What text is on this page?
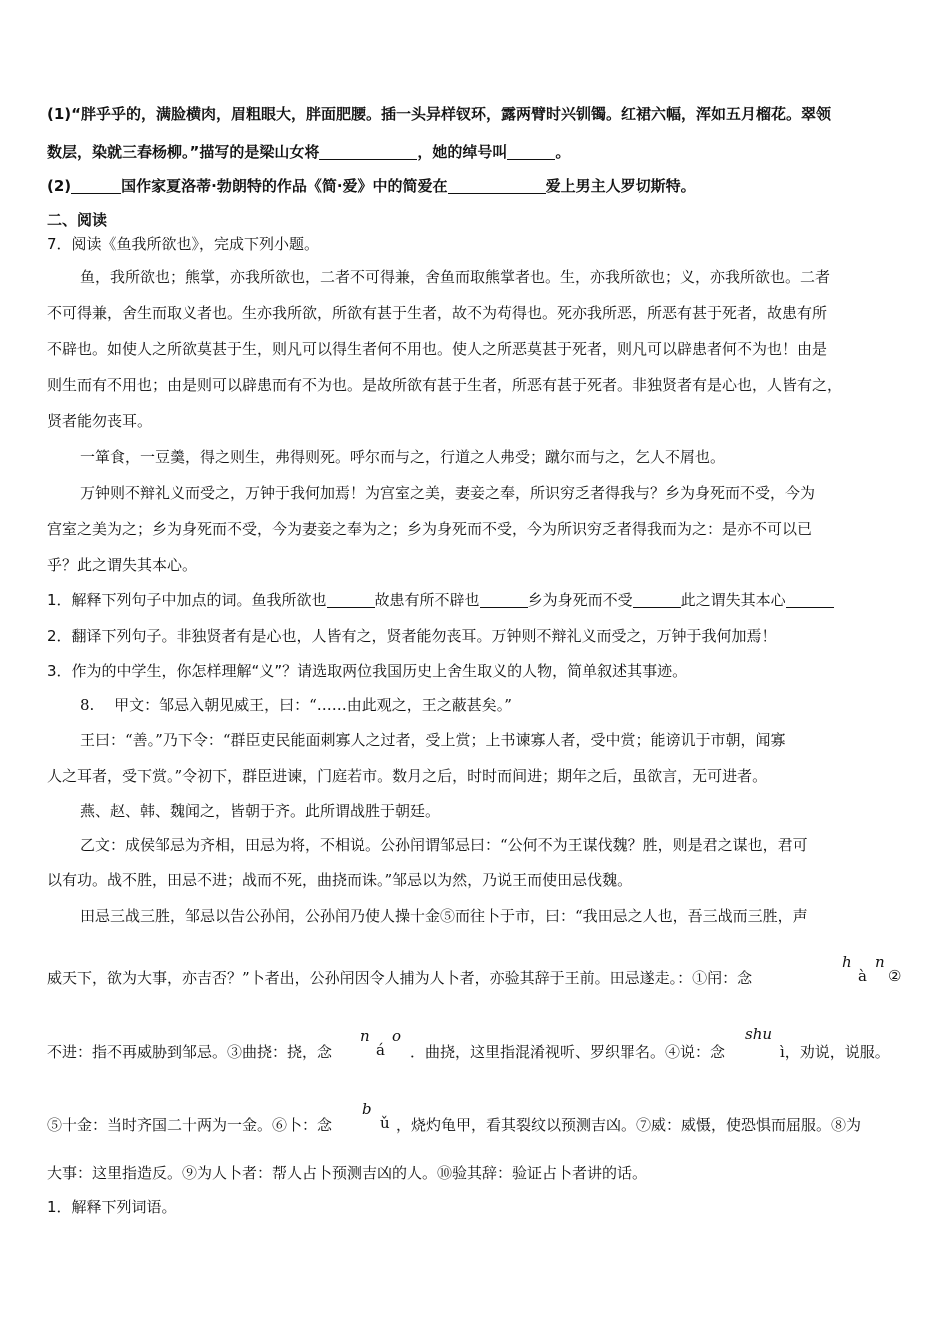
(1)“胖乎乎的，满脸横肉，眉粗眼大，胖面肥腰。插一头异样钗环，露两臂时兴钏镯。红裙六幅，浑如五月榴花。翠领
数层，染就三春杨柳。”描写的是梁山女将	，她的绰号叫	。
(2)	国作家夏洛蒂·勃朗特的作品《简·爱》中的简爱在	爱上男主人罗切斯特。
二、阅读
7．阅读《鱼我所欲也》，完成下列小题。
鱼，我所欲也；熊掌，亦我所欲也，二者不可得兼，舍鱼而取熊掌者也。生，亦我所欲也；义，亦我所欲也。二者
不可得兼，舍生而取义者也。生亦我所欲，所欲有甚于生者，故不为苟得也。死亦我所恶，所恶有甚于死者，故患有所
不辟也。如使人之所欲莫甚于生，则凡可以得生者何不用也。使人之所恶莫甚于死者，则凡可以辟患者何不为也！由是
则生而有不用也；由是则可以辟患而有不为也。是故所欲有甚于生者，所恶有甚于死者。非独贤者有是心也，人皆有之，
贤者能勿丧耳。
一箪食，一豆羹，得之则生，弗得则死。呼尔而与之，行道之人弗受；蹴尔而与之，乞人不屑也。
万钟则不辩礼义而受之，万钟于我何加焉！为宫室之美，妻妾之奉，所识穷乏者得我与？乡为身死而不受，今为
宫室之美为之；乡为身死而不受，今为妻妾之奉为之；乡为身死而不受，今为所识穷乏者得我而为之：是亦不可以已
乎？此之谓失其本心。
1．解释下列句子中加点的词。鱼我所欲也	故患有所不辟也	乡为身死而不受	此之谓失其本心
2．翻译下列句子。非独贤者有是心也，人皆有之，贤者能勿丧耳。万钟则不辩礼义而受之，万钟于我何加焉！
3．作为的中学生，你怎样理解“义”？请选取两位我国历史上舍生取义的人物，简单叙述其事迹。
8.　 甲文：邹忌入朝见威王，曰：“……由此观之，王之蔽甚矣。”
王曰：“善。”乃下令：“群臣吏民能面刺寡人之过者，受上赏；上书谏寡人者，受中赏；能谤讥于市朝，闻寡
人之耳者，受下赏。”令初下，群臣进谏，门庭若市。数月之后，时时而间进；期年之后，虽欲言，无可进者。
燕、赵、韩、魏闻之，皆朝于齐。此所谓战胜于朝廷。
乙文：成侯邹忌为齐相，田忌为将，不相说。公孙闬谓邹忌曰：“公何不为王谋伐魏？胜，则是君之谋也，君可
以有功。战不胜，田忌不进；战而不死，曲挠而诛。”邹忌以为然，乃说王而使田忌伐魏。
田忌三战三胜，邹忌以告公孙闬，公孙闬乃使人操十金⑤而往卜于市，曰：“我田忌之人也，吾三战而三胜，声
威天下，欲为大事，亦吉否？”卜者出，公孙闬因令人捕为人卜者，亦验其辞于王前。田忌遂走。：①闬：念
h
à
n
②
不进：指不再威胁到邹忌。③曲挠：挠，念
n
á
o
．曲挠，这里指混淆视听、罗织罪名。④说：念
shu
ì，劝说，说服。
⑤十金：当时齐国二十两为一金。⑥卜：念
b
ǔ ，烧灼龟甲，看其裂纹以预测吉凶。⑦威：威慑，使恐惧而屈服。⑧为
大事：这里指造反。⑨为人卜者：帮人占卜预测吉凶的人。⑩验其辞：验证占卜者讲的话。
1．解释下列词语。
